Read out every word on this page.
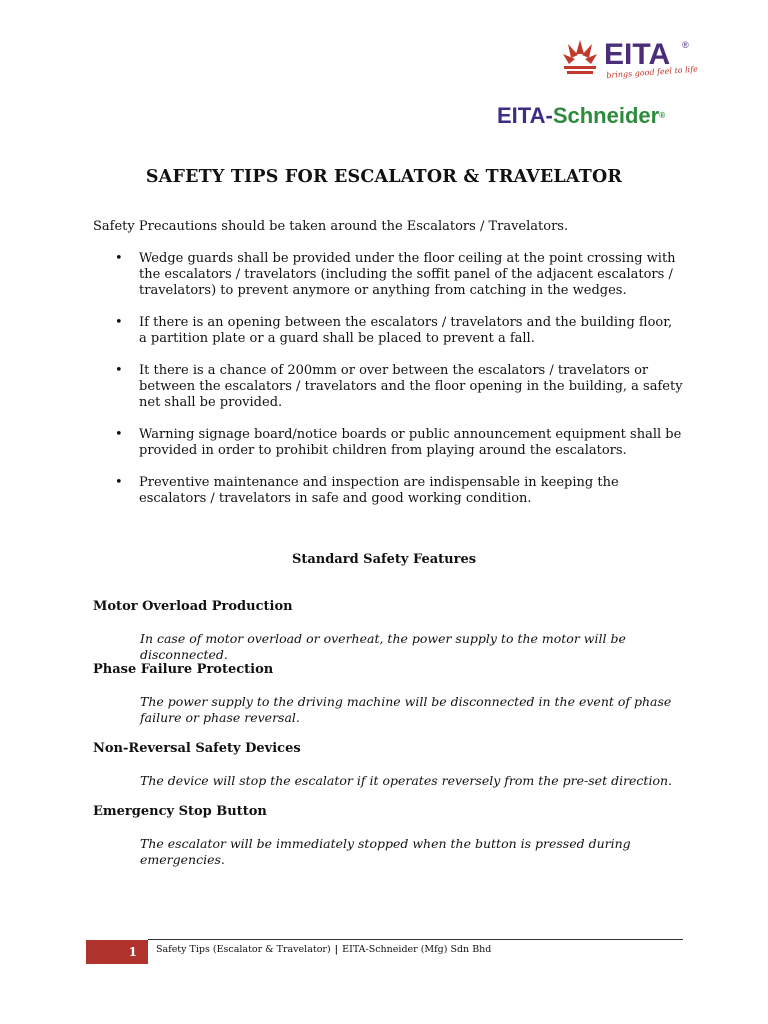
EITA ®
brings good feel to life
EITA-Schneider®
SAFETY TIPS FOR ESCALATOR & TRAVELATOR
Safety Precautions should be taken around the Escalators / Travelators.
• Wedge guards shall be provided under the floor ceiling at the point crossing with the escalators / travelators (including the soffit panel of the adjacent escalators / travelators) to prevent anymore or anything from catching in the wedges.
• If there is an opening between the escalators / travelators and the building floor, a partition plate or a guard shall be placed to prevent a fall.
• It there is a chance of 200mm or over between the escalators / travelators or between the escalators / travelators and the floor opening in the building, a safety net shall be provided.
• Warning signage board/notice boards or public announcement equipment shall be provided in order to prohibit children from playing around the escalators.
• Preventive maintenance and inspection are indispensable in keeping the escalators / travelators in safe and good working condition.
Standard Safety Features
Motor Overload Production
In case of motor overload or overheat, the power supply to the motor will be disconnected.
Phase Failure Protection
The power supply to the driving machine will be disconnected in the event of phase failure or phase reversal.
Non-Reversal Safety Devices
The device will stop the escalator if it operates reversely from the pre-set direction.
Emergency Stop Button
The escalator will be immediately stopped when the button is pressed during emergencies.
1	Safety Tips (Escalator & Travelator) | EITA-Schneider (Mfg) Sdn Bhd
